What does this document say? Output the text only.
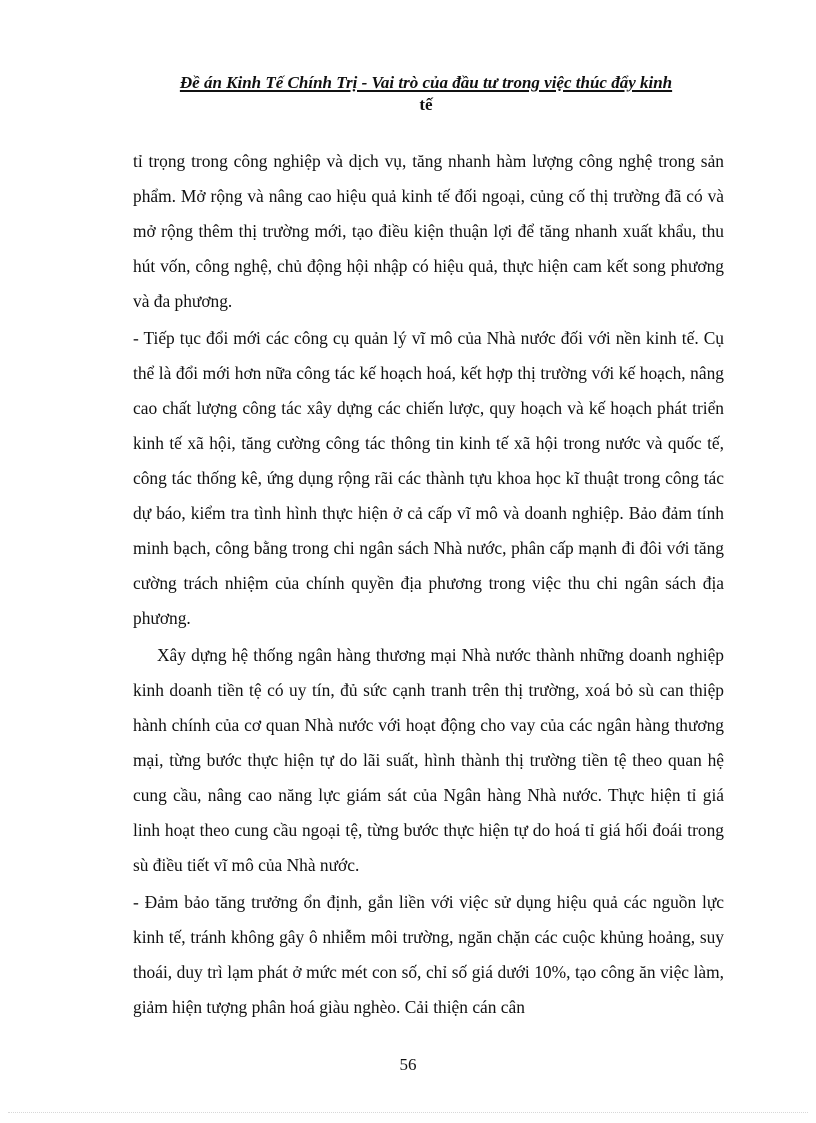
Đề án Kinh Tế Chính Trị - Vai trò của đầu tư trong việc thúc đẩy kinh
tế

tỉ trọng trong công nghiệp và dịch vụ, tăng nhanh hàm lượng công nghệ trong sản phẩm. Mở rộng và nâng cao hiệu quả kinh tế đối ngoại, củng cố thị trường đã có và mở rộng thêm thị trường mới, tạo điều kiện thuận lợi để tăng nhanh xuất khẩu, thu hút vốn, công nghệ, chủ động hội nhập có hiệu quả, thực hiện cam kết song phương và đa phương.

- Tiếp tục đổi mới các công cụ quản lý vĩ mô của Nhà nước đối với nền kinh tế. Cụ thể là đổi mới hơn nữa công tác kế hoạch hoá, kết hợp thị trường với kế hoạch, nâng cao chất lượng công tác xây dựng các chiến lược, quy hoạch và kế hoạch phát triển kinh tế xã hội, tăng cường công tác thông tin kinh tế xã hội trong nước và quốc tế, công tác thống kê, ứng dụng rộng rãi các thành tựu khoa học kĩ thuật trong công tác dự báo, kiểm tra tình hình thực hiện ở cả cấp vĩ mô và doanh nghiệp. Bảo đảm tính minh bạch, công bằng trong chi ngân sách Nhà nước, phân cấp mạnh đi đôi với tăng cường trách nhiệm của chính quyền địa phương trong việc thu chi ngân sách địa phương.

Xây dựng hệ thống ngân hàng thương mại Nhà nước thành những doanh nghiệp kinh doanh tiền tệ có uy tín, đủ sức cạnh tranh trên thị trường, xoá bỏ sù can thiệp hành chính của cơ quan Nhà nước với hoạt động cho vay của các ngân hàng thương mại, từng bước thực hiện tự do lãi suất, hình thành thị trường tiền tệ theo quan hệ cung cầu, nâng cao năng lực giám sát của Ngân hàng Nhà nước. Thực hiện tỉ giá linh hoạt theo cung cầu ngoại tệ, từng bước thực hiện tự do hoá tỉ giá hối đoái trong sù điều tiết vĩ mô của Nhà nước.

- Đảm bảo tăng trưởng ổn định, gắn liền với việc sử dụng hiệu quả các nguồn lực kinh tế, tránh không gây ô nhiễm môi trường, ngăn chặn các cuộc khủng hoảng, suy thoái, duy trì lạm phát ở mức mét con số, chỉ số giá dưới 10%, tạo công ăn việc làm, giảm hiện tượng phân hoá giàu nghèo. Cải thiện cán cân

56
